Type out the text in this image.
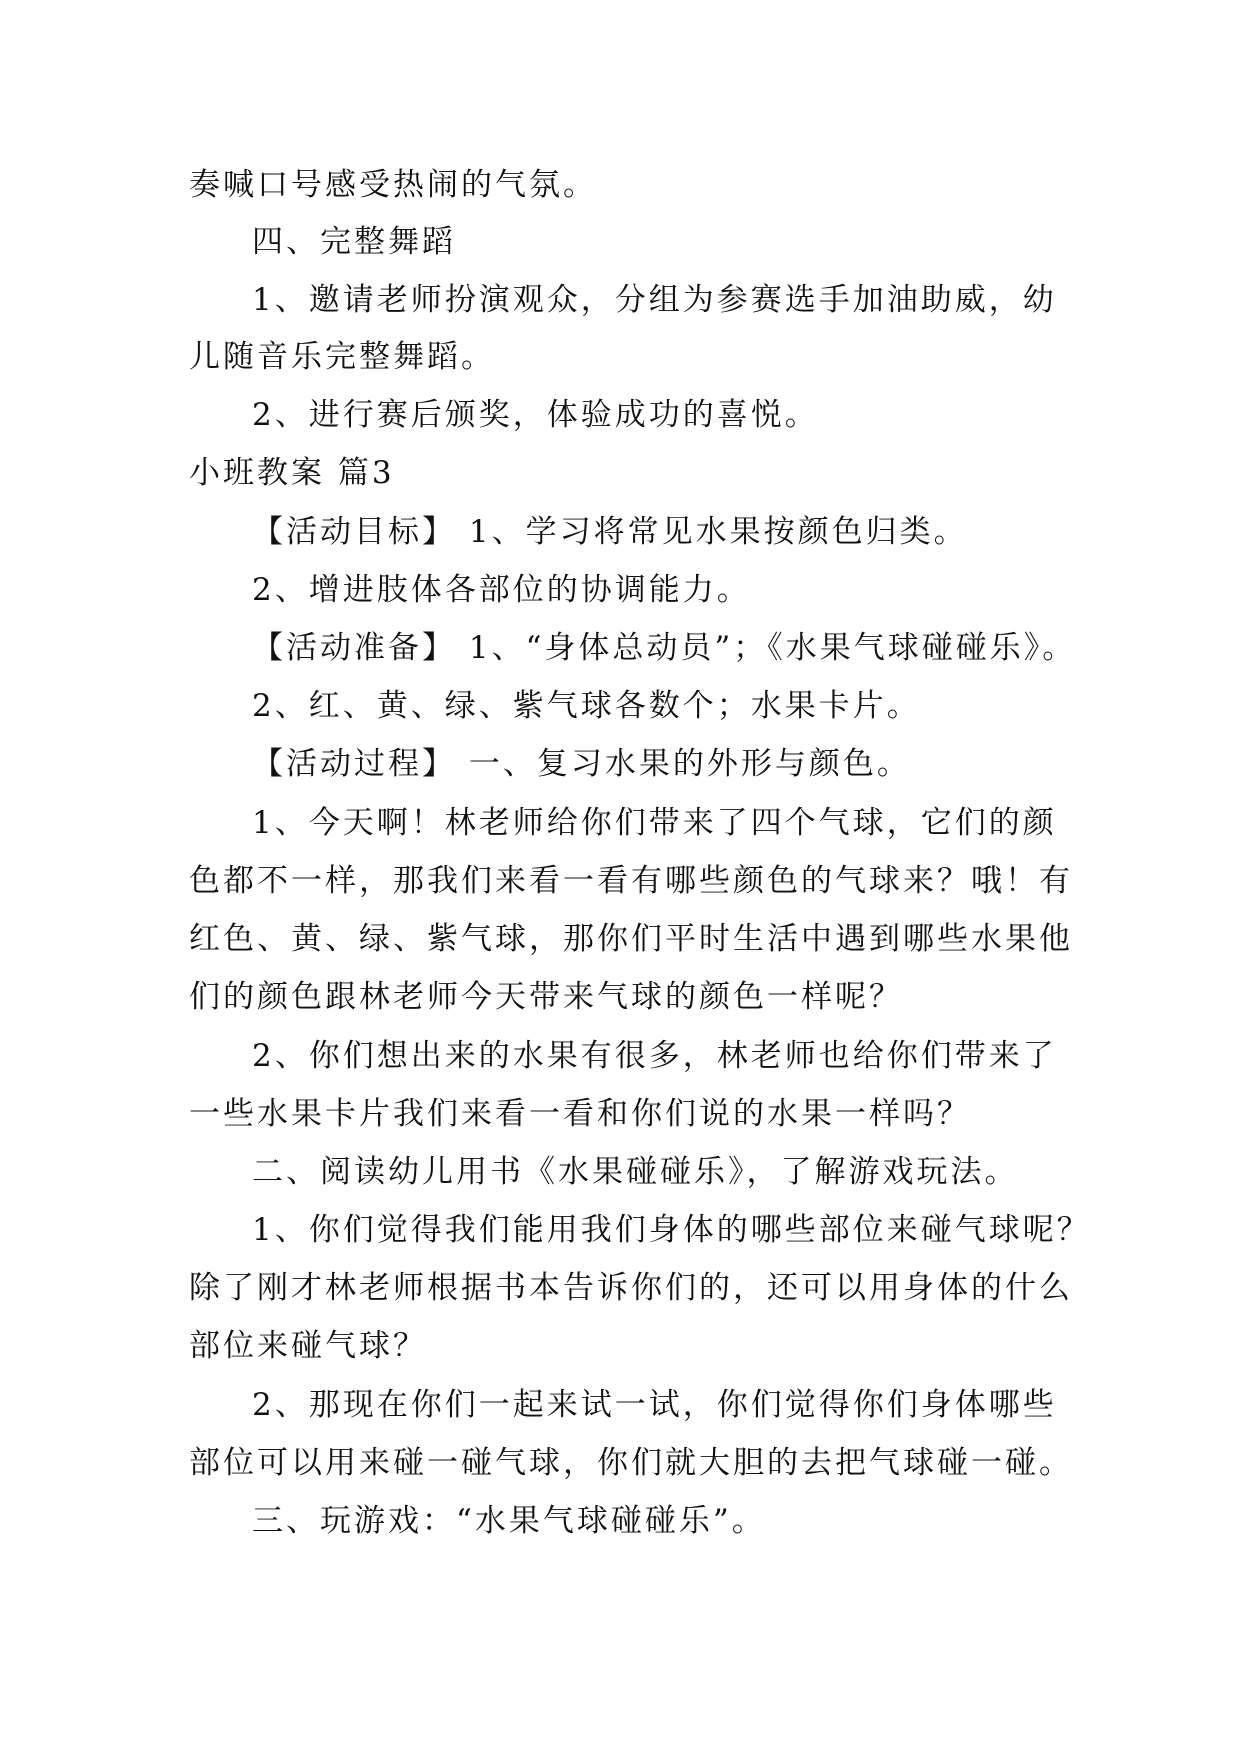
奏喊口号感受热闹的气氛。
四、完整舞蹈
1、邀请老师扮演观众，分组为参赛选手加油助威，幼
儿随音乐完整舞蹈。
2、进行赛后颁奖，体验成功的喜悦。
小班教案 篇3
【活动目标】 1、学习将常见水果按颜色归类。
2、增进肢体各部位的协调能力。
【活动准备】 1、“身体总动员”；《水果气球碰碰乐》。
2、红、黄、绿、紫气球各数个；水果卡片。
【活动过程】 一、复习水果的外形与颜色。
1、今天啊！林老师给你们带来了四个气球，它们的颜
色都不一样，那我们来看一看有哪些颜色的气球来？哦！有
红色、黄、绿、紫气球，那你们平时生活中遇到哪些水果他
们的颜色跟林老师今天带来气球的颜色一样呢？
2、你们想出来的水果有很多，林老师也给你们带来了
一些水果卡片我们来看一看和你们说的水果一样吗？
二、阅读幼儿用书《水果碰碰乐》，了解游戏玩法。
1、你们觉得我们能用我们身体的哪些部位来碰气球呢？
除了刚才林老师根据书本告诉你们的，还可以用身体的什么
部位来碰气球？
2、那现在你们一起来试一试，你们觉得你们身体哪些
部位可以用来碰一碰气球，你们就大胆的去把气球碰一碰。
三、玩游戏：“水果气球碰碰乐”。
